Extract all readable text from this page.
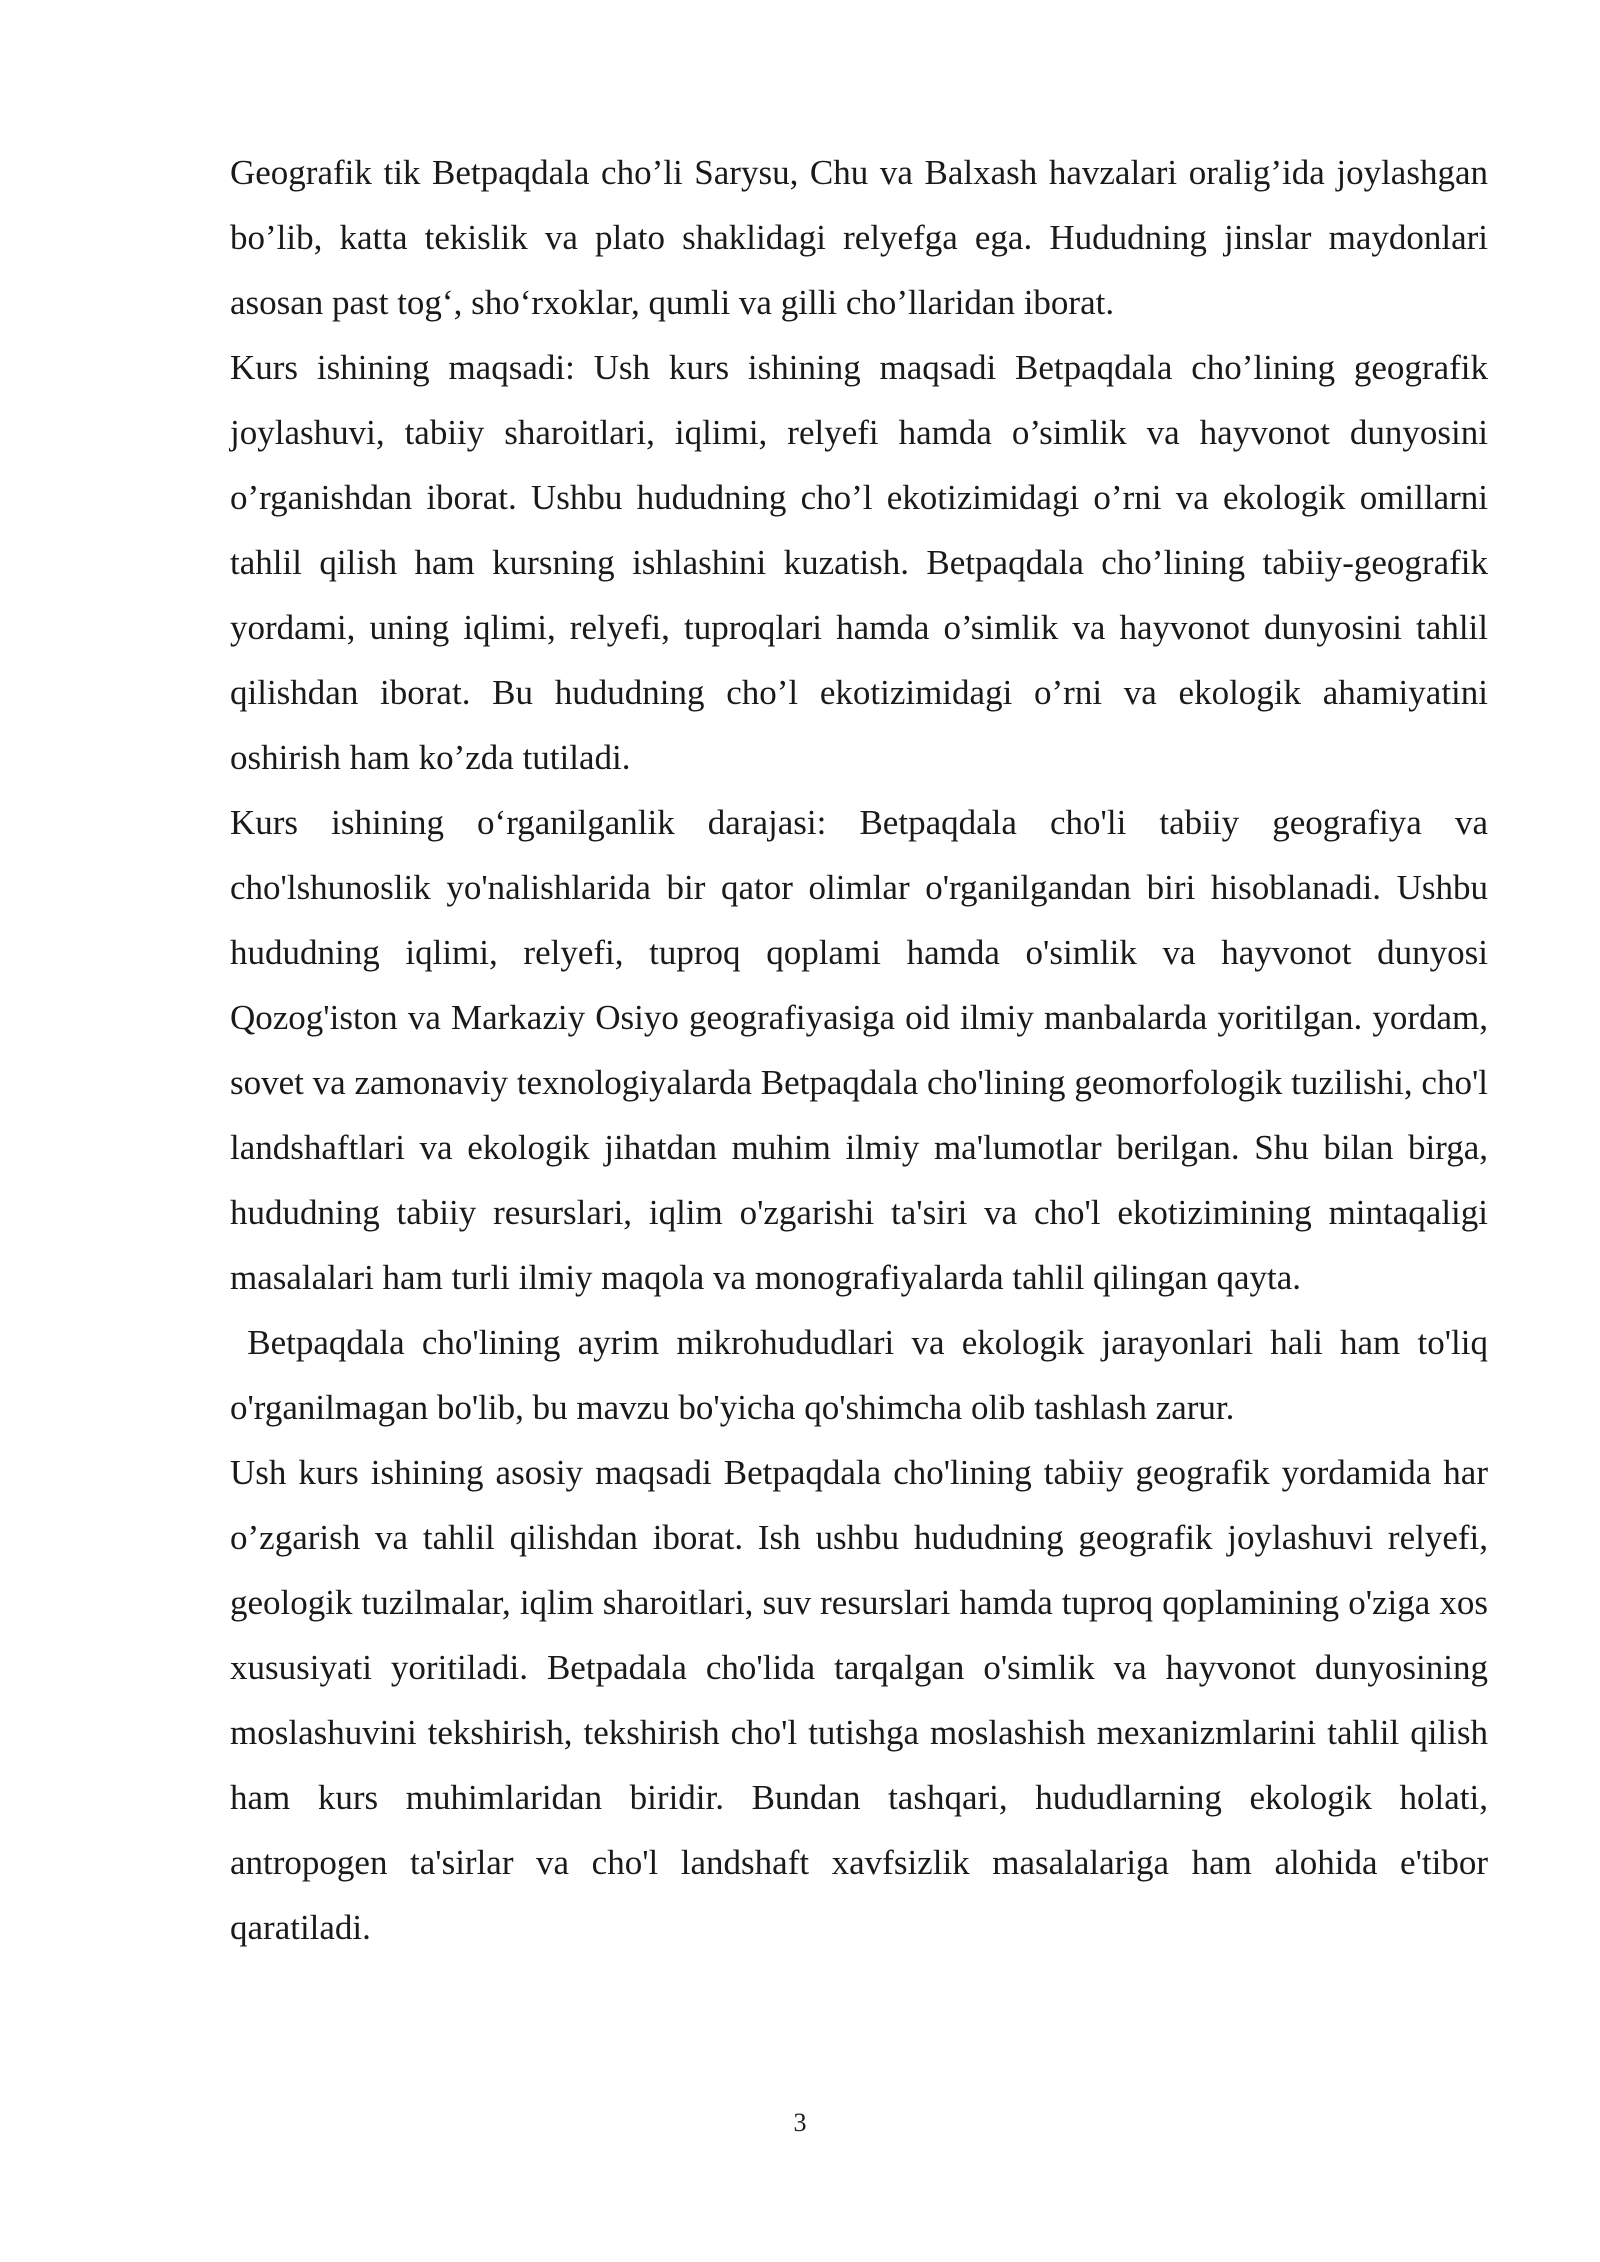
Geografik tik Betpaqdala cho’li Sarysu, Chu va Balxash havzalari oralig’ida joylashgan bo’lib, katta tekislik va plato shaklidagi relyefga ega. Hududning jinslar maydonlari asosan past tog‘, sho‘rxoklar, qumli va gilli cho’llaridan iborat.

Kurs ishining maqsadi: Ush kurs ishining maqsadi Betpaqdala cho’lining geografik joylashuvi, tabiiy sharoitlari, iqlimi, relyefi hamda o’simlik va hayvonot dunyosini o’rganishdan iborat. Ushbu hududning cho’l ekotizimidagi o’rni va ekologik omillarni tahlil qilish ham kursning ishlashini kuzatish. Betpaqdala cho’lining tabiiy-geografik yordami, uning iqlimi, relyefi, tuproqlari hamda o’simlik va hayvonot dunyosini tahlil qilishdan iborat. Bu hududning cho’l ekotizimidagi o’rni va ekologik ahamiyatini oshirish ham ko’zda tutiladi.

Kurs ishining o‘rganilganlik darajasi: Betpaqdala cho'li tabiiy geografiya va cho'lshunoslik yo'nalishlarida bir qator olimlar o'rganilgandan biri hisoblanadi. Ushbu hududning iqlimi, relyefi, tuproq qoplami hamda o'simlik va hayvonot dunyosi Qozog'iston va Markaziy Osiyo geografiyasiga oid ilmiy manbalarda yoritilgan. yordam, sovet va zamonaviy texnologiyalarda Betpaqdala cho'lining geomorfologik tuzilishi, cho'l landshaftlari va ekologik jihatdan muhim ilmiy ma'lumotlar berilgan. Shu bilan birga, hududning tabiiy resurslari, iqlim o'zgarishi ta'siri va cho'l ekotizimining mintaqaligi masalalari ham turli ilmiy maqola va monografiyalarda tahlil qilingan qayta.

Betpaqdala cho'lining ayrim mikrohududlari va ekologik jarayonlari hali ham to'liq o'rganilmagan bo'lib, bu mavzu bo'yicha qo'shimcha olib tashlash zarur.

Ush kurs ishining asosiy maqsadi Betpaqdala cho'lining tabiiy geografik yordamida har o’zgarish va tahlil qilishdan iborat. Ish ushbu hududning geografik joylashuvi relyefi, geologik tuzilmalar, iqlim sharoitlari, suv resurslari hamda tuproq qoplamining o'ziga xos xususiyati yoritiladi. Betpadala cho'lida tarqalgan o'simlik va hayvonot dunyosining moslashuvini tekshirish, tekshirish cho'l tutishga moslashish mexanizmlarini tahlil qilish ham kurs muhimlaridan biridir. Bundan tashqari, hududlarning ekologik holati, antropogen ta'sirlar va cho'l landshaft xavfsizlik masalalariga ham alohida e'tibor qaratiladi.

3
